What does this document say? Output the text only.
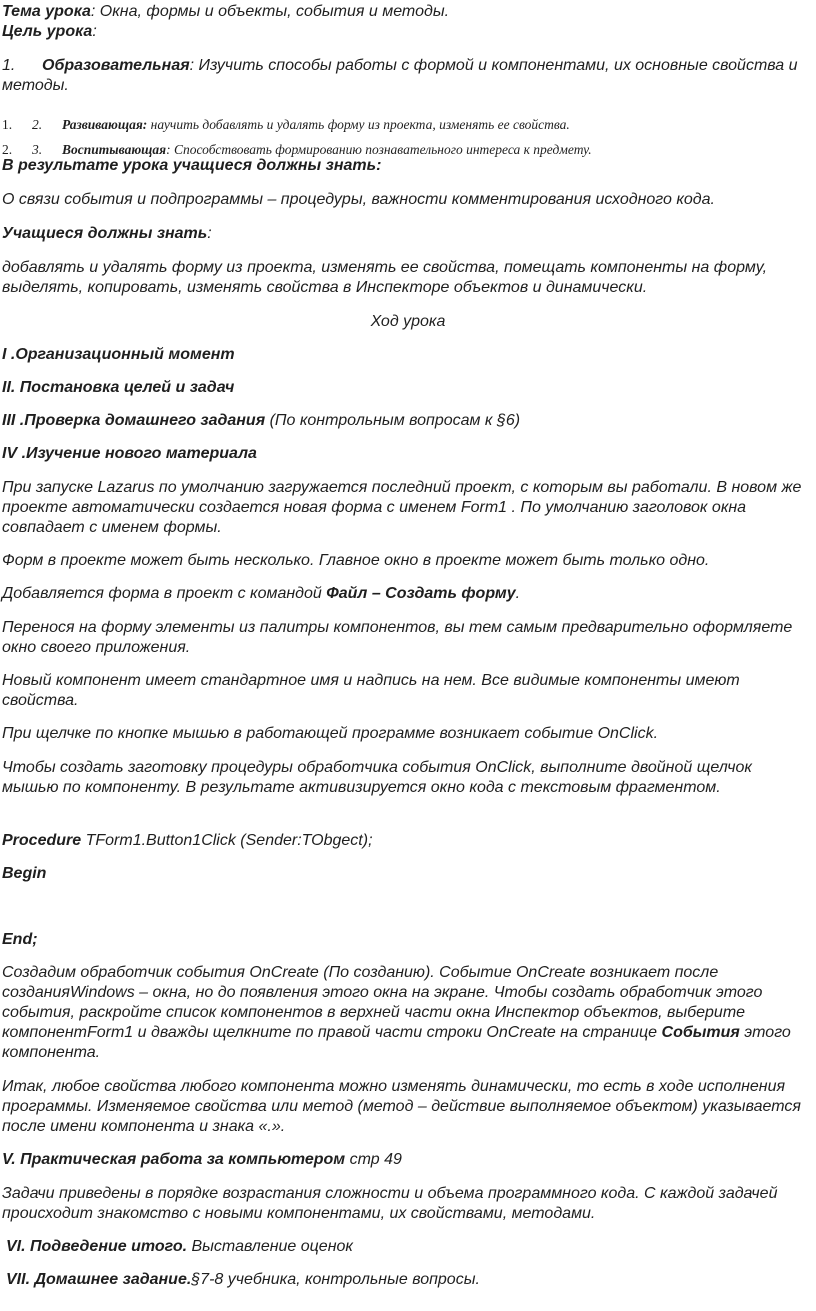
Тема урока: Окна, формы и объекты, события и методы.
Цель урока:
1. Образовательная: Изучить способы работы с формой и компонентами, их основные свойства и методы.
1. 2. Развивающая: научить добавлять и удалять форму из проекта, изменять ее свойства.
2. 3. Воспитывающая: Способствовать формированию познавательного интереса к предмету.
В результате урока учащиеся должны знать:
О связи события и подпрограммы – процедуры, важности комментирования исходного кода.
Учащиеся должны знать:
добавлять и удалять форму из проекта, изменять ее свойства, помещать компоненты на форму, выделять, копировать, изменять свойства в Инспекторе объектов и динамически.
Ход урока
I .Организационный момент
II. Постановка целей и задач
III .Проверка домашнего задания (По контрольным вопросам к §6)
IV .Изучение нового материала
При запуске Lazarus по умолчанию загружается последний проект, с которым вы работали. В новом же проекте автоматически создается новая форма с именем Form1 . По умолчанию заголовок окна совпадает с именем формы.
Форм в проекте может быть несколько. Главное окно в проекте может быть только одно.
Добавляется форма в проект с командой Файл – Создать форму.
Перенося на форму элементы из палитры компонентов, вы тем самым предварительно оформляете окно своего приложения.
Новый компонент имеет стандартное имя и надпись на нем. Все видимые компоненты имеют свойства.
При щелчке по кнопке мышью в работающей программе возникает событие OnClick.
Чтобы создать заготовку процедуры обработчика события OnClick, выполните двойной щелчок мышью по компоненту. В результате активизируется окно кода с текстовым фрагментом.
Procedure TForm1.Button1Click (Sender:TObgect);
Begin
End;
Создадим обработчик события OnCreate (По созданию). Событие OnCreate возникает после созданияWindows – окна, но до появления этого окна на экране. Чтобы создать обработчик этого события, раскройте список компонентов в верхней части окна Инспектор объектов, выберите компонентForm1 и дважды щелкните по правой части строки OnCreate на странице События этого компонента.
Итак, любое свойства любого компонента можно изменять динамически, то есть в ходе исполнения программы. Изменяемое свойства или метод (метод – действие выполняемое объектом) указывается после имени компонента и знака «.».
V. Практическая работа за компьютером стр 49
Задачи приведены в порядке возрастания сложности и объема программного кода. С каждой задачей происходит знакомство с новыми компонентами, их свойствами, методами.
VI. Подведение итого. Выставление оценок
VII. Домашнее задание.§7-8 учебника, контрольные вопросы.
